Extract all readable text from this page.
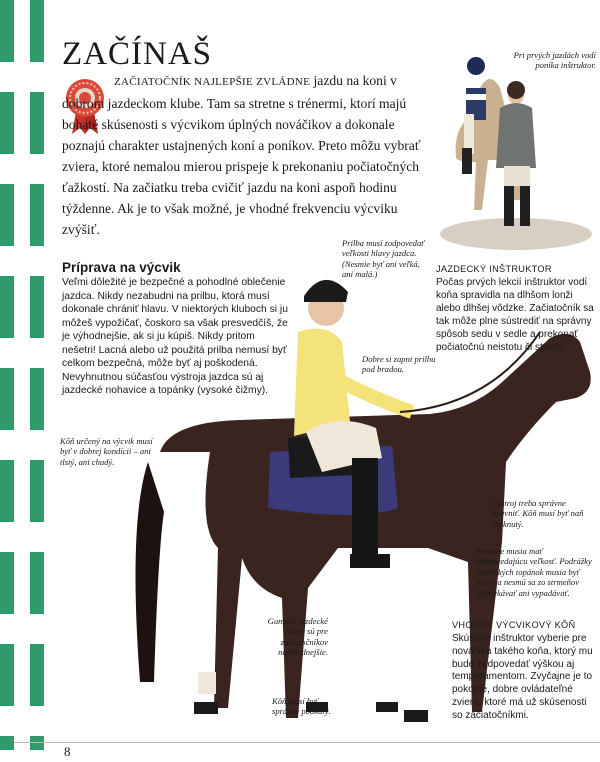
ZAČÍNAŠ

ZAČIATOČNÍK NAJLEPŠIE ZVLÁDNE jazdu na koni v dobrom jazdeckom klube. Tam sa stretne s trénermi, ktorí majú bohaté skúsenosti s výcvikom úplných nováčikov a dokonale poznajú charakter ustajnených koní a poníkov. Preto môžu vybrať zviera, ktoré nemalou mierou prispeje k prekonaniu počiatočných ťažkostí. Na začiatku treba cvičiť jazdu na koni aspoň hodinu týždenne. Ak je to však možné, je vhodné frekvenciu výcviku zvýšiť.

Pri prvých jazdách vodí poníka inštruktor.

Príprava na výcvik

Veľmi dôležité je bezpečné a pohodlné oblečenie jazdca. Nikdy nezabudni na prilbu, ktorá musí dokonale chrániť hlavu. V niektorých kluboch si ju môžeš vypožičať, čoskoro sa však presvedčíš, že je výhodnejšie, ak si ju kúpiš. Nikdy pritom nešetri! Lacná alebo už použitá prilba nemusí byť celkom bezpečná, môže byť aj poškodená. Nevyhnutnou súčasťou výstroja jazdca sú aj jazdecké nohavice a topánky (vysoké čižmy).

JAZDECKÝ INŠTRUKTOR

Počas prvých lekcií inštruktor vodí koňa spravidla na dlhšom lonži alebo dlhšej vôdzke. Začiatočník sa tak môže plne sústrediť na správny spôsob sedu v sedle a prekonať počiatočnú neistotu či strach.

VHODNÝ VÝCVIKOVÝ KÔŇ

Skúsený inštruktor vyberie pre nováčika takého koňa, ktorý mu bude zodpovedať výškou aj temperamentom. Zvyčajne je to pokojné, dobre ovládateľné zviera, ktoré má už skúsenosti so začiatočníkmi.

Prilba musí zodpovedať veľkosti hlavy jazdca. (Nesmie byť ani veľká, ani malá.)

Dobre si zapni prilbu pod bradou.

Kôň určený na výcvik musí byť v dobrej kondícii – ani tlstý, ani chudý.

Výstroj treba správne upevniť. Kôň musí byť naň zvyknutý.

Strmene musia mať zodpovedajúcu veľkosť. Podrážky jazdeckých topánok musia byť rovné a nesmú sa zo strmeňov vyšmykávať ani vypadávať.

Gumené jazdecké čižmy sú pre začiatočníkov najvhodnejšie.

Kôň musí byť správne podkutý.

8
